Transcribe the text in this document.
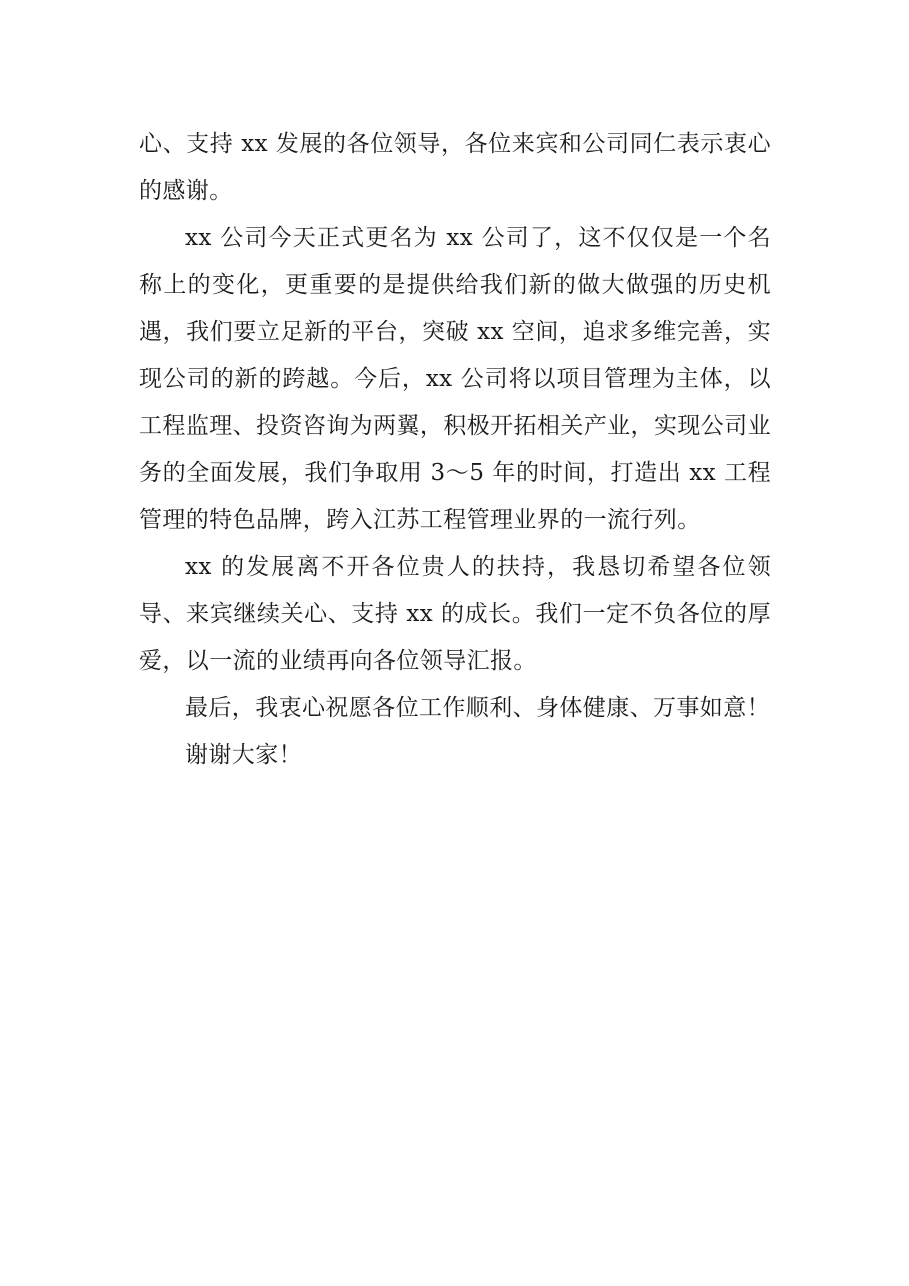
心、支持 xx 发展的各位领导，各位来宾和公司同仁表示衷心的感谢。

xx 公司今天正式更名为 xx 公司了，这不仅仅是一个名称上的变化，更重要的是提供给我们新的做大做强的历史机遇，我们要立足新的平台，突破 xx 空间，追求多维完善，实现公司的新的跨越。今后，xx 公司将以项目管理为主体，以工程监理、投资咨询为两翼，积极开拓相关产业，实现公司业务的全面发展，我们争取用 3～5 年的时间，打造出 xx 工程管理的特色品牌，跨入江苏工程管理业界的一流行列。

xx 的发展离不开各位贵人的扶持，我恳切希望各位领导、来宾继续关心、支持 xx 的成长。我们一定不负各位的厚爱，以一流的业绩再向各位领导汇报。

最后，我衷心祝愿各位工作顺利、身体健康、万事如意！

谢谢大家！
